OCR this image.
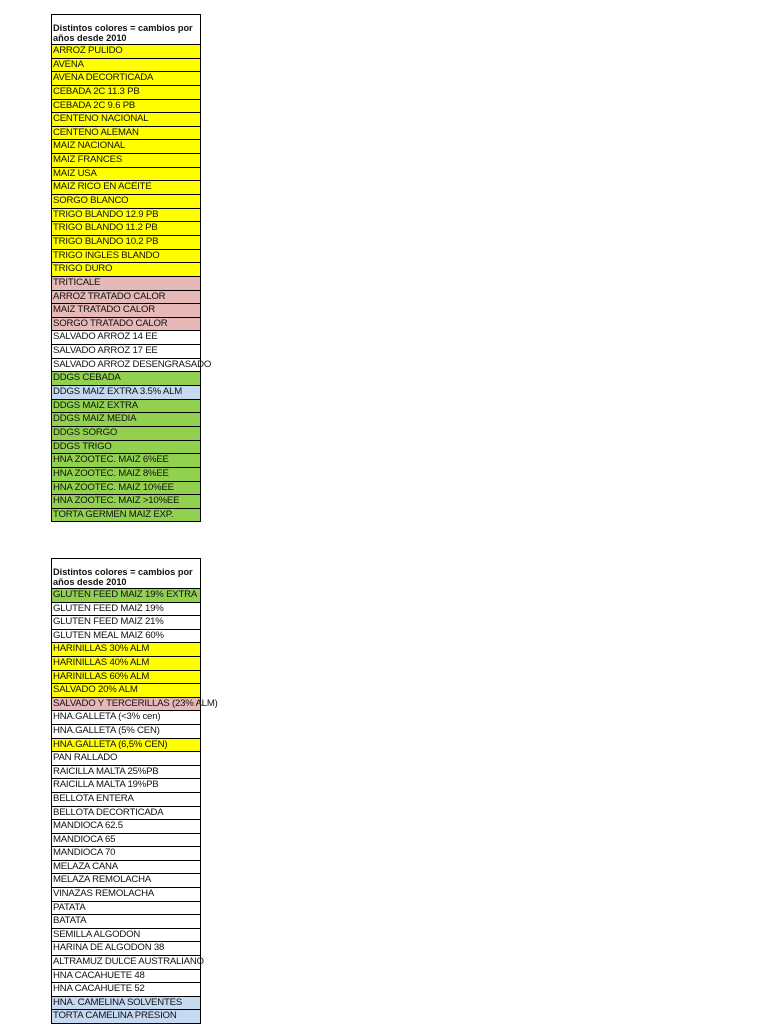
Distintos colores = cambios por años desde 2010
ARROZ PULIDO
AVENA
AVENA DECORTICADA
CEBADA 2C 11.3 PB
CEBADA 2C 9.6 PB
CENTENO NACIONAL
CENTENO ALEMAN
MAIZ NACIONAL
MAIZ FRANCES
MAIZ USA
MAIZ RICO EN ACEITE
SORGO BLANCO
TRIGO BLANDO 12.9 PB
TRIGO BLANDO 11.2 PB
TRIGO BLANDO 10.2 PB
TRIGO INGLES BLANDO
TRIGO DURO
TRITICALE
ARROZ TRATADO CALOR
MAIZ TRATADO CALOR
SORGO TRATADO CALOR
SALVADO ARROZ 14 EE
SALVADO ARROZ 17 EE
SALVADO ARROZ DESENGRASADO
DDGS CEBADA
DDGS MAIZ EXTRA 3.5% ALM
DDGS MAIZ EXTRA
DDGS MAIZ MEDIA
DDGS SORGO
DDGS TRIGO
HNA ZOOTEC. MAIZ 6%EE
HNA ZOOTEC. MAIZ 8%EE
HNA ZOOTEC. MAIZ 10%EE
HNA ZOOTEC. MAIZ >10%EE
TORTA GERMEN MAIZ EXP.
Distintos colores = cambios por años desde 2010
GLUTEN FEED MAIZ 19% EXTRA
GLUTEN FEED MAIZ 19%
GLUTEN FEED MAIZ 21%
GLUTEN MEAL MAIZ 60%
HARINILLAS 30% ALM
HARINILLAS 40% ALM
HARINILLAS 60% ALM
SALVADO 20% ALM
SALVADO Y TERCERILLAS (23% ALM)
HNA.GALLETA (<3% cen)
HNA.GALLETA (5% CEN)
HNA.GALLETA (6,5% CEN)
PAN RALLADO
RAICILLA MALTA 25%PB
RAICILLA MALTA 19%PB
BELLOTA ENTERA
BELLOTA DECORTICADA
MANDIOCA 62.5
MANDIOCA 65
MANDIOCA 70
MELAZA CANA
MELAZA REMOLACHA
VINAZAS REMOLACHA
PATATA
BATATA
SEMILLA ALGODON
HARINA DE ALGODON 38
ALTRAMUZ DULCE AUSTRALIANO
HNA CACAHUETE 48
HNA CACAHUETE 52
HNA. CAMELINA SOLVENTES
TORTA CAMELINA PRESION
